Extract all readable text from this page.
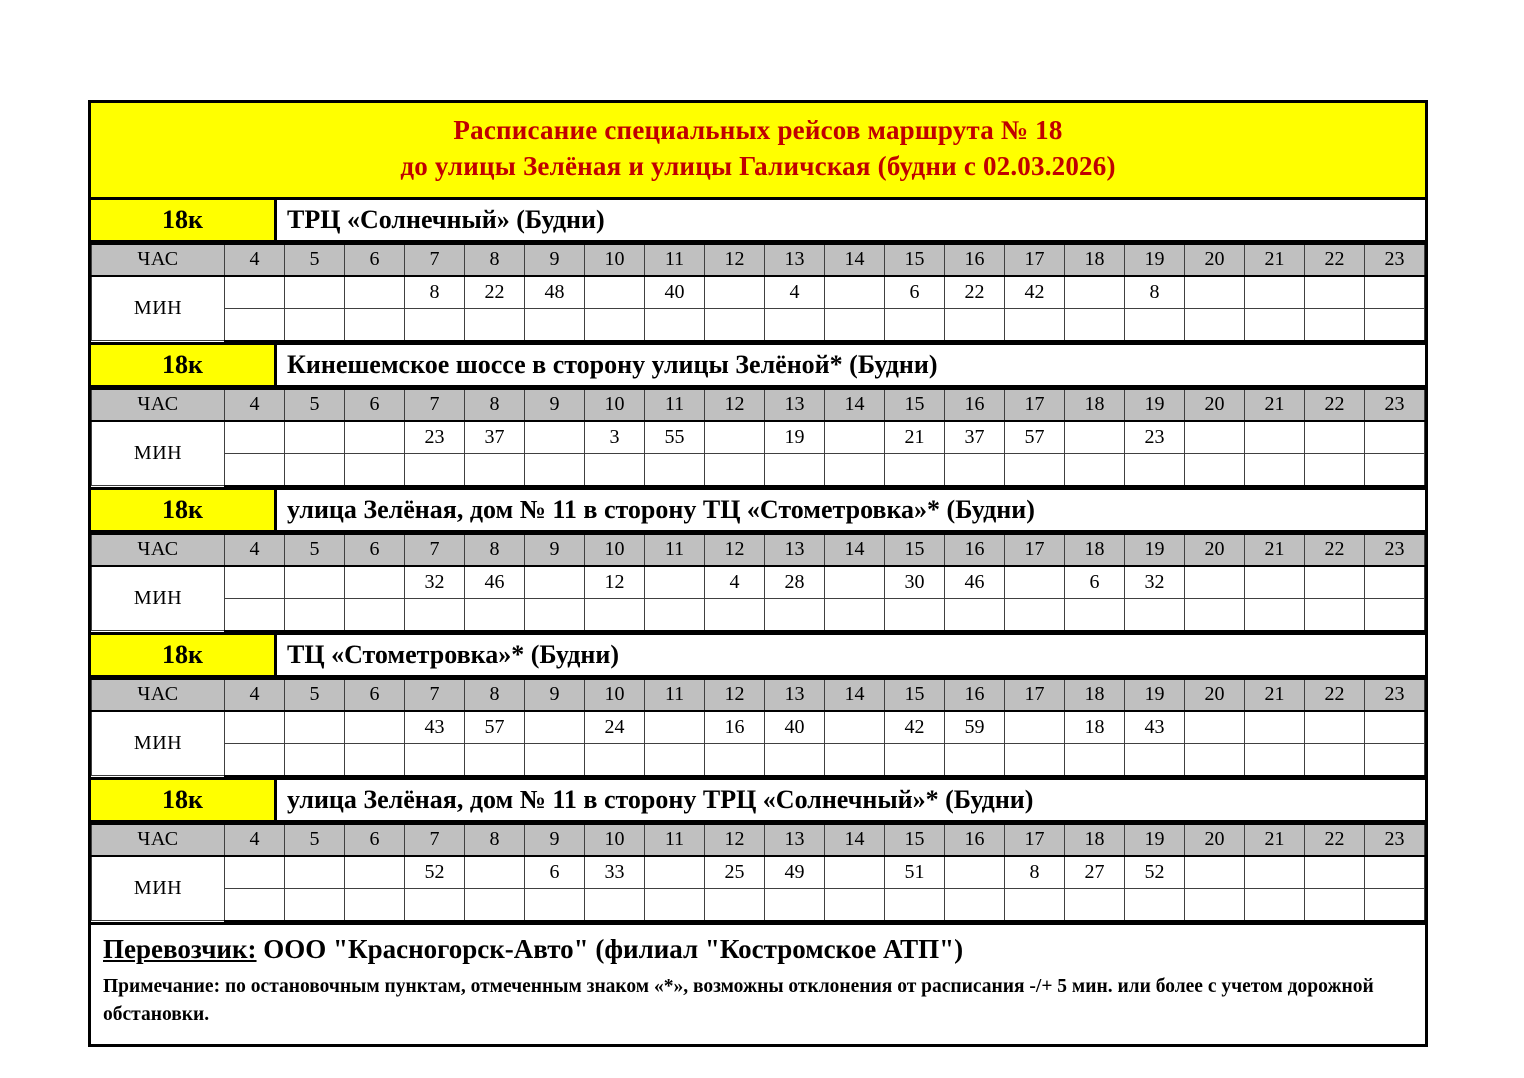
Расписание специальных рейсов маршрута № 18
до улицы Зелёная и улицы Галичская (будни с 02.03.2026)
18к	ТРЦ «Солнечный» (Будни)
ЧАС	4	5	6	7	8	9	10	11	12	13	14	15	16	17	18	19	20	21	22	23
МИН				8	22	48		40		4		6	22	42		8				

18к	Кинешемское шоссе в сторону улицы Зелёной* (Будни)
ЧАС	4	5	6	7	8	9	10	11	12	13	14	15	16	17	18	19	20	21	22	23
МИН				23	37		3	55		19		21	37	57		23				

18к	улица Зелёная, дом № 11 в сторону ТЦ «Стометровка»* (Будни)
ЧАС	4	5	6	7	8	9	10	11	12	13	14	15	16	17	18	19	20	21	22	23
МИН				32	46		12		4	28		30	46		6	32				

18к	ТЦ «Стометровка»* (Будни)
ЧАС	4	5	6	7	8	9	10	11	12	13	14	15	16	17	18	19	20	21	22	23
МИН				43	57		24		16	40		42	59		18	43				

18к	улица Зелёная, дом № 11 в сторону ТРЦ «Солнечный»* (Будни)
ЧАС	4	5	6	7	8	9	10	11	12	13	14	15	16	17	18	19	20	21	22	23
МИН				52		6	33		25	49		51		8	27	52				

Перевозчик: ООО "Красногорск-Авто" (филиал "Костромское АТП")
Примечание: по остановочным пунктам, отмеченным знаком «*», возможны отклонения от расписания -/+ 5 мин. или более с учетом дорожной обстановки.
